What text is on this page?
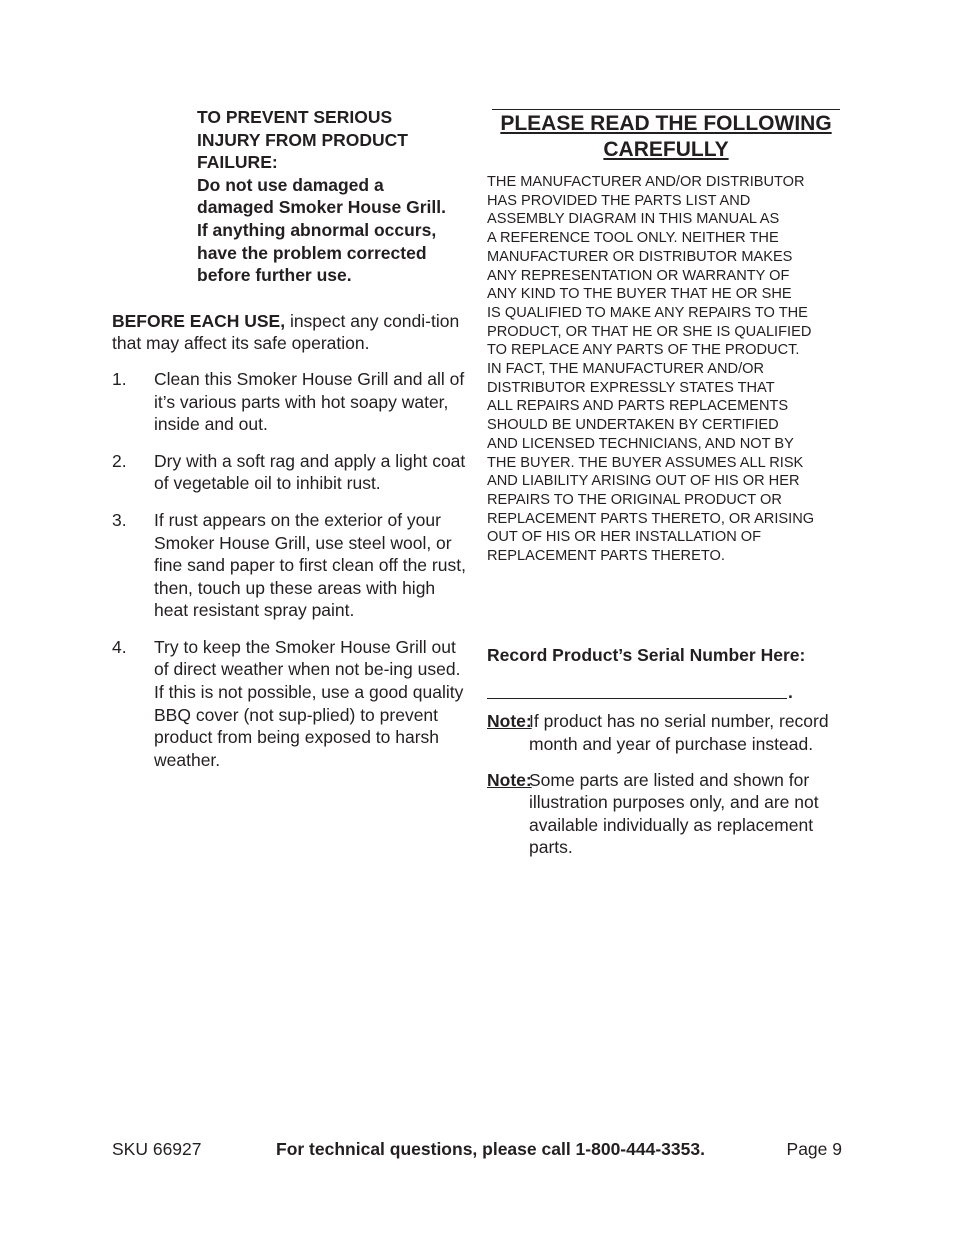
TO PREVENT SERIOUS

INJURY FROM PRODUCT

FAILURE:

Do not use damaged a

damaged Smoker House Grill.

If anything abnormal occurs,

have the problem corrected

before further use.

BEFORE EACH USE, inspect any condi-tion that may affect its safe operation.
1. Clean this Smoker House Grill and all of it’s various parts with hot soapy water, inside and out.
2. Dry with a soft rag and apply a light coat of vegetable oil to inhibit rust.
3. If rust appears on the exterior of your Smoker House Grill, use steel wool, or fine sand paper to first clean off the rust, then, touch up these areas with high heat resistant spray paint.
4. Try to keep the Smoker House Grill out of direct weather when not be-ing used. If this is not possible, use a good quality BBQ cover (not sup-plied) to prevent product from being exposed to harsh weather.

PLEASE READ THE FOLLOWING
CAREFULLY

THE MANUFACTURER AND/OR DISTRIBUTOR
HAS PROVIDED THE PARTS LIST AND
ASSEMBLY DIAGRAM IN THIS MANUAL AS
A REFERENCE TOOL ONLY. NEITHER THE
MANUFACTURER OR DISTRIBUTOR MAKES
ANY REPRESENTATION OR WARRANTY OF
ANY KIND TO THE BUYER THAT HE OR SHE
IS QUALIFIED TO MAKE ANY REPAIRS TO THE
PRODUCT, OR THAT HE OR SHE IS QUALIFIED
TO REPLACE ANY PARTS OF THE PRODUCT.
IN FACT, THE MANUFACTURER AND/OR
DISTRIBUTOR EXPRESSLY STATES THAT
ALL REPAIRS AND PARTS REPLACEMENTS
SHOULD BE UNDERTAKEN BY CERTIFIED
AND LICENSED TECHNICIANS, AND NOT BY
THE BUYER. THE BUYER ASSUMES ALL RISK
AND LIABILITY ARISING OUT OF HIS OR HER
REPAIRS TO THE ORIGINAL PRODUCT OR
REPLACEMENT PARTS THERETO, OR ARISING
OUT OF HIS OR HER INSTALLATION OF
REPLACEMENT PARTS THERETO.
Record Product’s Serial Number Here:
.
Note:
If product has no serial number, record month and year of purchase instead.
Note:
Some parts are listed and shown for illustration purposes only, and are not available individually as replacement parts.
SKU 66927	For technical questions, please call 1-800-444-3353.	Page 9
